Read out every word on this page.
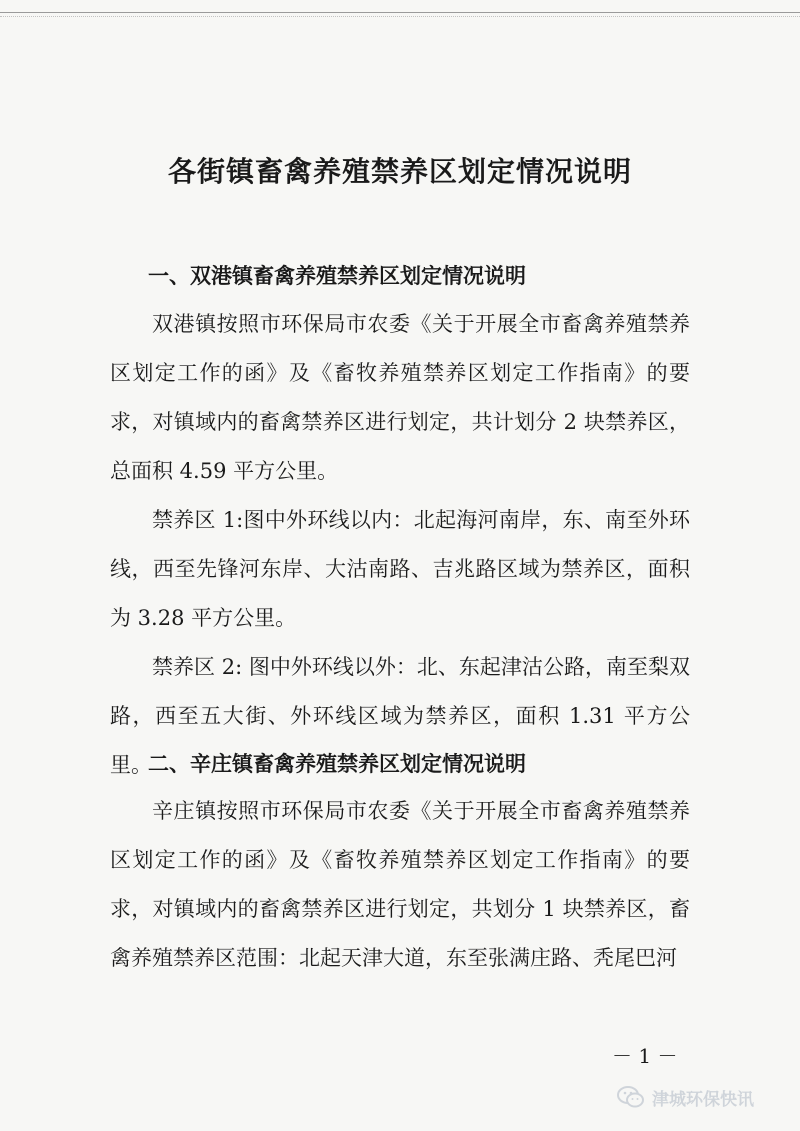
各街镇畜禽养殖禁养区划定情况说明
一、双港镇畜禽养殖禁养区划定情况说明

双港镇按照市环保局市农委《关于开展全市畜禽养殖禁养区划定工作的函》及《畜牧养殖禁养区划定工作指南》的要求，对镇域内的畜禽禁养区进行划定，共计划分 2 块禁养区，总面积 4.59 平方公里。

禁养区 1:图中外环线以内：北起海河南岸，东、南至外环线，西至先锋河东岸、大沽南路、吉兆路区域为禁养区，面积为 3.28 平方公里。

禁养区 2: 图中外环线以外：北、东起津沽公路，南至梨双路，西至五大街、外环线区域为禁养区，面积 1.31 平方公里。

二、辛庄镇畜禽养殖禁养区划定情况说明

辛庄镇按照市环保局市农委《关于开展全市畜禽养殖禁养区划定工作的函》及《畜牧养殖禁养区划定工作指南》的要求，对镇域内的畜禽禁养区进行划定，共划分 1 块禁养区，畜禽养殖禁养区范围：北起天津大道，东至张满庄路、秃尾巴河

－ 1 －
津城环保快讯
